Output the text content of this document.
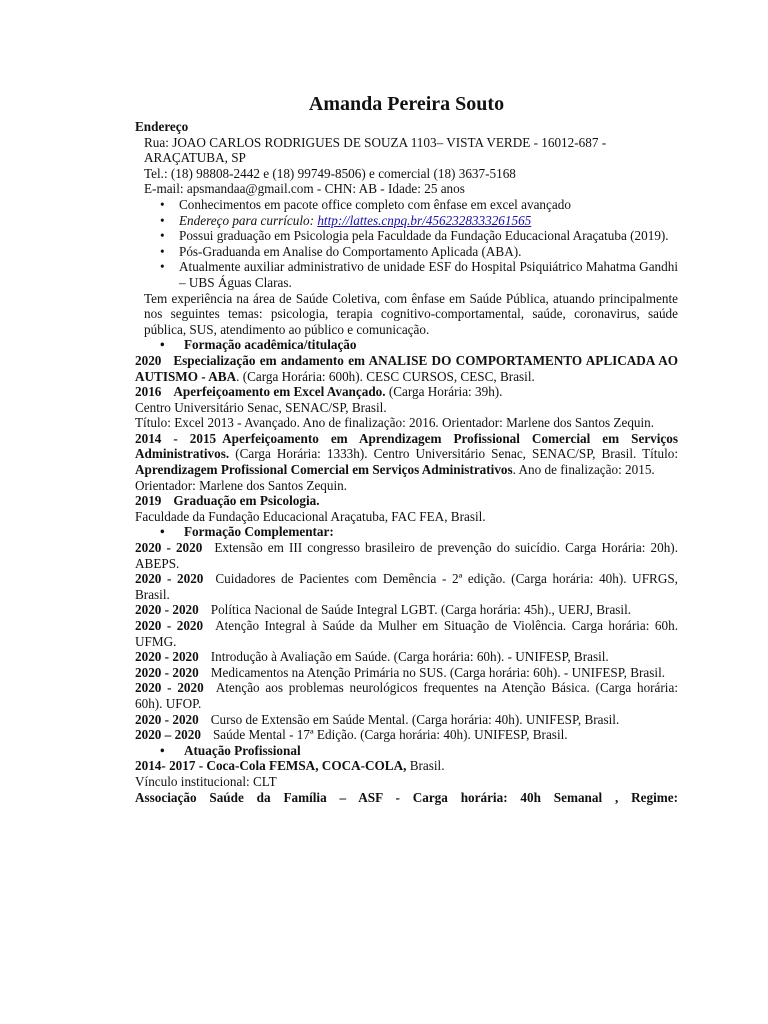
Amanda Pereira Souto
Endereço
Rua: JOAO CARLOS RODRIGUES DE SOUZA 1103– VISTA VERDE - 16012-687 - ARAÇATUBA, SP
Tel.: (18) 98808-2442 e (18) 99749-8506) e comercial (18) 3637-5168
E-mail: apsmandaa@gmail.com - CHN: AB - Idade: 25 anos
• Conhecimentos em pacote office completo com ênfase em excel avançado
• Endereço para currículo: http://lattes.cnpq.br/4562328333261565
• Possui graduação em Psicologia pela Faculdade da Fundação Educacional Araçatuba (2019).
• Pós-Graduanda em Analise do Comportamento Aplicada (ABA).
• Atualmente auxiliar administrativo de unidade ESF do Hospital Psiquiátrico Mahatma Gandhi – UBS Águas Claras.

Tem experiência na área de Saúde Coletiva, com ênfase em Saúde Pública, atuando principalmente nos seguintes temas: psicologia, terapia cognitivo-comportamental, saúde, coronavirus, saúde pública, SUS, atendimento ao público e comunicação.

• Formação acadêmica/titulação

2020 Especialização em andamento em ANALISE DO COMPORTAMENTO APLICADA AO AUTISMO - ABA. (Carga Horária: 600h). CESC CURSOS, CESC, Brasil.

2016 Aperfeiçoamento em Excel Avançado. (Carga Horária: 39h).

Centro Universitário Senac, SENAC/SP, Brasil.

Título: Excel 2013 - Avançado. Ano de finalização: 2016. Orientador: Marlene dos Santos Zequin.

2014 - 2015 Aperfeiçoamento em Aprendizagem Profissional Comercial em Serviços Administrativos. (Carga Horária: 1333h). Centro Universitário Senac, SENAC/SP, Brasil. Título: Aprendizagem Profissional Comercial em Serviços Administrativos. Ano de finalização: 2015.

Orientador: Marlene dos Santos Zequin.

2019 Graduação em Psicologia.

Faculdade da Fundação Educacional Araçatuba, FAC FEA, Brasil.

• Formação Complementar:

2020 - 2020 Extensão em III congresso brasileiro de prevenção do suicídio. Carga Horária: 20h). ABEPS.

2020 - 2020 Cuidadores de Pacientes com Demência - 2ª edição. (Carga horária: 40h). UFRGS, Brasil.

2020 - 2020 Política Nacional de Saúde Integral LGBT. (Carga horária: 45h)., UERJ, Brasil.

2020 - 2020 Atenção Integral à Saúde da Mulher em Situação de Violência. Carga horária: 60h. UFMG.

2020 - 2020 Introdução à Avaliação em Saúde. (Carga horária: 60h). - UNIFESP, Brasil.

2020 - 2020 Medicamentos na Atenção Primária no SUS. (Carga horária: 60h). - UNIFESP, Brasil.

2020 - 2020 Atenção aos problemas neurológicos frequentes na Atenção Básica. (Carga horária: 60h). UFOP.

2020 - 2020 Curso de Extensão em Saúde Mental. (Carga horária: 40h). UNIFESP, Brasil.

2020 – 2020 Saúde Mental - 17ª Edição. (Carga horária: 40h). UNIFESP, Brasil.

• Atuação Profissional

2014- 2017 - Coca-Cola FEMSA, COCA-COLA, Brasil.

Vínculo institucional: CLT

Associação Saúde da Família – ASF - Carga horária: 40h Semanal , Regime:
